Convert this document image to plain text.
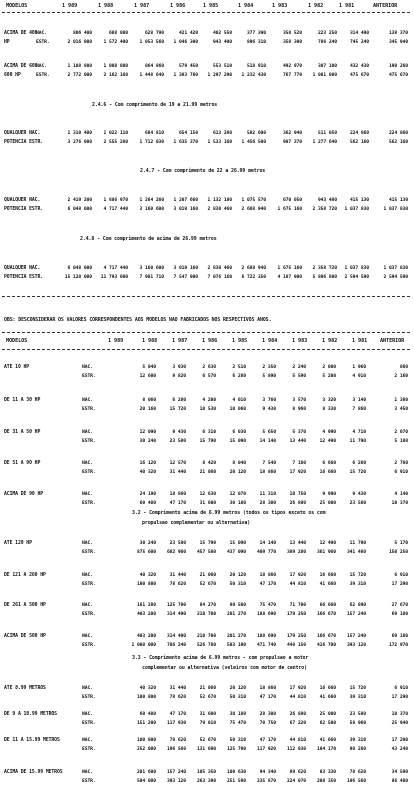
MODELOS	1 989	1 988	1 987	1 986	1 985	1 984	1 983	1 982	1 981	ANTERIOR
ACIMA DE 400
NAC.	806 400	688 800	628 790	421 420	402 550	377 390	358 520	223 250	314 490	138 370
HP	ESTR.	2 016 000	1 572 400	1 053 560	1 046 300	943 400	896 310	358 300	786 240	745 240	345 940
ACIMA DE 600
NAC.	1 108 800	1 008 800	864 860	579 450	553 510	518 910	492 970	307 100	432 430	190 260
600 HP	ESTR.	2 772 000	2 162 160	1 448 640	1 383 780	1 297 290	1 232 430	767 770	1 081 080	475 670	475 670
2.4.6 - Com comprimento de 19 a 21.99 metros
QUALQUER NAC.	1 310 400	1 022 110	684 810	654 150	613 260	582 600	362 940	511 050	224 860	224 860
POTENCIA ESTR.	3 276 000	2 555 280	1 712 030	1 635 370	1 533 160	1 456 500	907 370	1 277 640	562 160	562 160
2.4.7 - Com comprimento de 22 a 26.99 metros
QUALQUER NAC.	2 419 200	1 886 970	1 264 260	1 207 660	1 132 180	1 075 570	670 050	943 480	415 130	415 130
POTENCIA ESTR.	6 048 000	4 717 440	3 160 600	3 019 160	2 830 460	2 688 940	1 675 160	2 358 720	1 037 830	1 037 830
2.4.8 - Com comprimento de acima de 26.99 metros
QUALQUER NAC.	6 048 000	4 717 440	3 160 600	3 019 160	2 830 460	2 688 940	1 675 160	2 358 720	1 037 830	1 037 830
POTENCIA ESTR.	15 120 000	11 793 600	7 901 710	7 547 900	7 076 160	6 722 350	4 187 900	5 896 800	2 594 590	2 594 590
OBS: DESCONSIDERAR OS VALORES CORRESPONDENTES AOS MODELOS NAO FABRICADOS NOS RESPECTIVOS ANOS.
MODELOS	1 989	1 988	1 987	1 986	1 985	1 984	1 983	1 982	1 981 ANTERIOR
ATE 10 HP	NAC.	5 040	3 930	2 630	2 510	2 350	2 240	2 000	1 960	860
ESTR.	12 600	9 820	6 570	6 280	5 890	5 590	5 200	4 910	2 160
DE 11 A 30 HP	NAC.	8 060	6 280	4 200	4 010	3 760	3 570	3 320	3 140	1 380
ESTR.	20 160	15 720	10 530	10 060	9 430	8 960	8 330	7 860	3 450
DE 31 A 50 HP	NAC.	12 090	9 430	6 310	6 030	5 650	5 370	4 990	4 710	2 070
ESTR.	30 240	23 580	15 790	15 090	14 140	13 440	12 490	11 790	5 180
DE 51 A 90 HP	NAC.	16 120	12 570	8 420	8 040	7 540	7 160	6 660	6 280	2 760
ESTR.	40 320	31 440	21 060	20 120	18 860	17 920	16 660	15 720	6 910
ACIMA DE 90 HP	NAC.	24 190	18 860	12 630	12 070	11 310	10 750	9 990	9 430	4 140
ESTR.	60 480	47 170	31 600	30 180	28 300	26 880	25 000	23 580	10 370
3.2 - Comprimento acima de 6.99 metros (todos os tipos exceto os com
propulsao complementar ou alternativa)
ATE 120 HP	NAC.	30 240	23 580	15 790	15 090	14 140	13 440	12 490	11 790	5 170
ESTR.	875 600	682 960	457 580	437 090	409 770	389 280	361 960	341 480	150 250
DE 121 A 260 HP	NAC.	40 320	31 440	21 060	20 120	18 860	17 920	16 660	15 720	6 910
ESTR.	100 800	78 620	52 670	50 310	47 170	44 810	41 660	39 310	17 290
DE 261 A 500 HP	NAC.	161 280	125 790	84 270	80 500	75 470	71 700	66 660	62 890	27 670
ESTR.	403 200	314 490	210 700	201 270	188 690	179 250	166 670	157 240	69 180
ACIMA DE 500 HP	NAC.	403 200	314 490	210 700	201 270	188 690	179 250	166 670	157 240	69 180
ESTR.	1 008 000	786 240	526 780	503 190	471 740	448 150	416 700	393 120	172 970
3.3 - Comprimento acima de 6.99 metros - com propulsao a motor
complementar ou alternativa (veleiros com motor de centro)
ATE 8.99 METROS	NAC.	40 320	31 440	21 060	20 120	18 860	17 920	16 660	15 720	6 910
ESTR.	100 800	78 620	52 670	50 310	47 170	44 810	41 660	39 310	17 290
DE 9 A 10.99 METROS	NAC.	60 480	47 170	31 600	30 180	28 300	26 880	25 000	23 580	10 370
ESTR.	151 200	117 930	79 010	75 470	70 750	67 220	62 500	58 960	25 940
DE 11 A 15.99 METROS	NAC.	100 800	78 620	52 670	50 310	47 170	44 810	41 660	39 310	17 290
ESTR.	252 000	196 560	131 690	125 790	117 920	112 030	104 170	98 280	43 240
ACIMA DE 15.99 METROS	NAC.	201 600	157 240	105 350	100 630	94 340	89 620	83 330	78 620	34 590
ESTR.	504 000	393 120	263 390	251 590	235 870	224 070	208 350	196 560	86 480
